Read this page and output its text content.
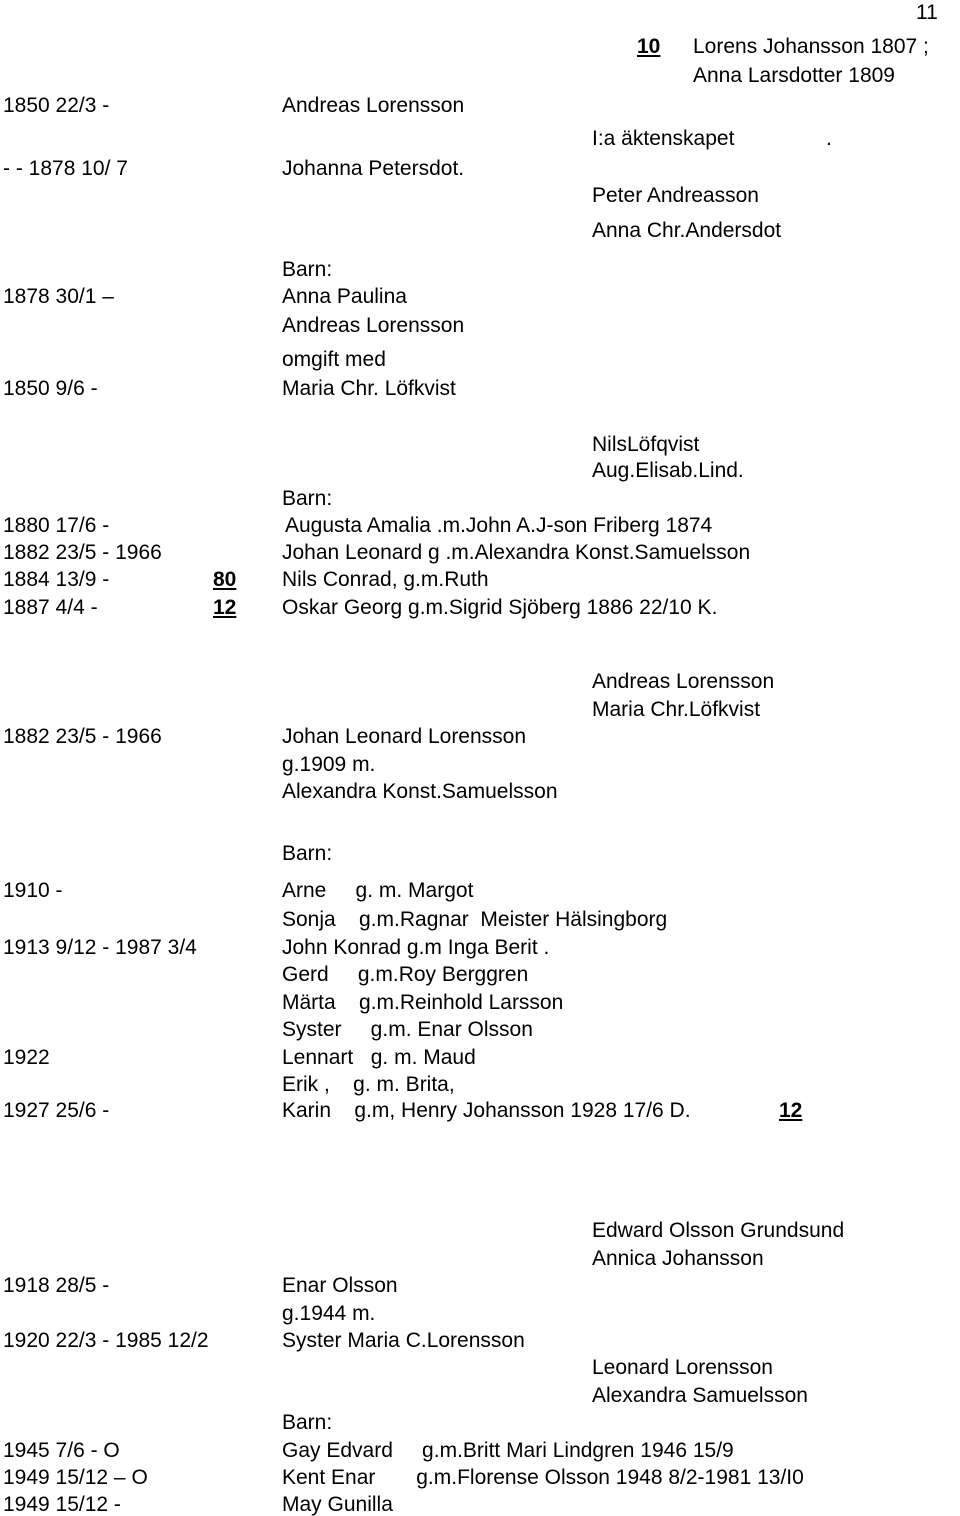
11
10 Lorens Johansson 1807 ;
Anna Larsdotter 1809
1850 22/3 -	Andreas Lorensson
I:a äktenskapet	.
- - 1878 10/ 7	Johanna Petersdot.
Peter Andreasson
Anna Chr.Andersdot
Barn:
1878 30/1 –	Anna Paulina
Andreas Lorensson
omgift med
1850 9/6 -	Maria Chr. Löfkvist
NilsLöfqvist
Aug.Elisab.Lind.
Barn:
1880 17/6 -	Augusta Amalia .m.John A.J-son Friberg 1874
1882 23/5 - 1966	Johan Leonard g .m.Alexandra Konst.Samuelsson
1884 13/9 -	80 Nils Conrad, g.m.Ruth
1887 4/4 -	12 Oskar Georg g.m.Sigrid Sjöberg 1886 22/10 K.
Andreas Lorensson
Maria Chr.Löfkvist
1882 23/5 - 1966	Johan Leonard Lorensson
g.1909 m.
Alexandra Konst.Samuelsson
Barn:
1910 -	Arne     g. m. Margot
Sonja    g.m.Ragnar  Meister Hälsingborg
1913 9/12 - 1987 3/4	John Konrad g.m Inga Berit .
Gerd     g.m.Roy Berggren
Märta    g.m.Reinhold Larsson
Syster     g.m. Enar Olsson
1922	Lennart   g. m. Maud
Erik ,    g. m. Brita,
1927 25/6 -	Karin    g.m, Henry Johansson 1928 17/6 D.	12
Edward Olsson Grundsund
Annica Johansson
1918 28/5 -	Enar Olsson
g.1944 m.
1920 22/3 - 1985 12/2	Syster Maria C.Lorensson
Leonard Lorensson
Alexandra Samuelsson
Barn:
1945 7/6 - O	Gay Edvard     g.m.Britt Mari Lindgren 1946 15/9
1949 15/12 – O	Kent Enar       g.m.Florense Olsson 1948 8/2-1981 13/I0
1949 15/12 -	May Gunilla
